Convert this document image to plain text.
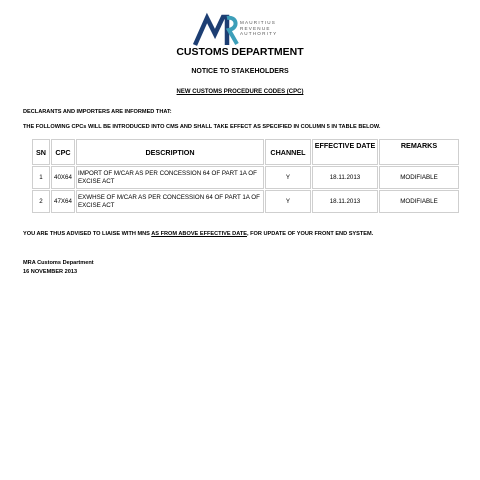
MAURITIUS
REVENUE
AUTHORITY
CUSTOMS DEPARTMENT
NOTICE TO STAKEHOLDERS
NEW CUSTOMS PROCEDURE CODES (CPC)
DECLARANTS AND IMPORTERS ARE INFORMED THAT:
THE FOLLOWING CPCs WILL BE INTRODUCED INTO CMS AND SHALL TAKE EFFECT AS SPECIFIED IN COLUMN 5 IN TABLE BELOW.
SN	CPC	DESCRIPTION	CHANNEL	EFFECTIVE DATE	REMARKS
1	40X64	IMPORT OF M/CAR AS PER CONCESSION 64 OF PART 1A OF EXCISE ACT	Y	18.11.2013	MODIFIABLE
2	47X64	EXWHSE OF M/CAR AS PER CONCESSION 64 OF PART 1A OF EXCISE ACT	Y	18.11.2013	MODIFIABLE
YOU ARE THUS ADVISED TO LIAISE WITH MNS AS FROM ABOVE EFFECTIVE DATE, FOR UPDATE OF YOUR FRONT END SYSTEM.
MRA Customs Department
16 NOVEMBER 2013
